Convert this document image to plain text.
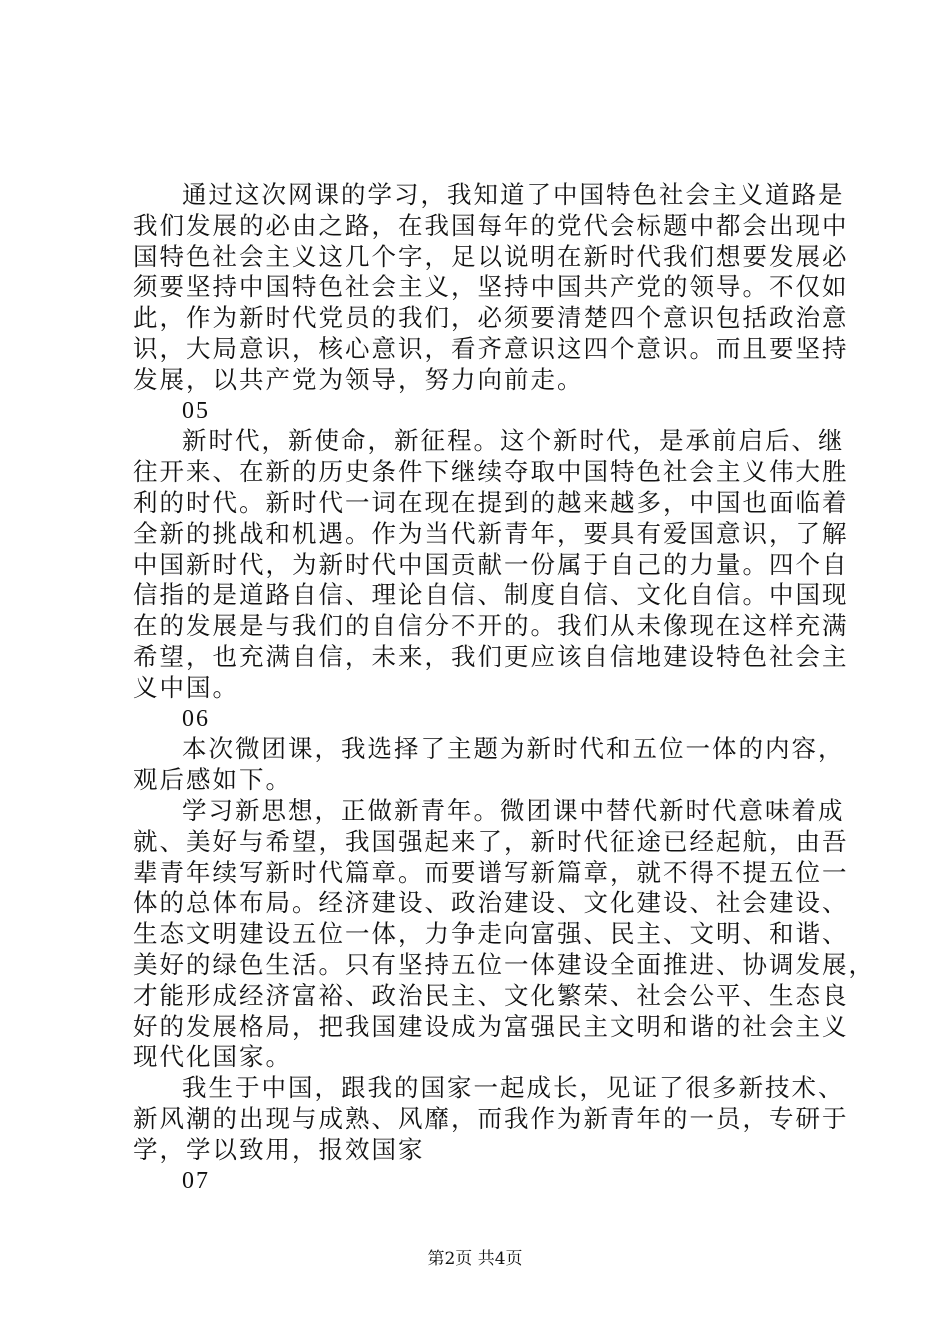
通过这次网课的学习，我知道了中国特色社会主义道路是

我们发展的必由之路，在我国每年的党代会标题中都会出现中

国特色社会主义这几个字，足以说明在新时代我们想要发展必

须要坚持中国特色社会主义，坚持中国共产党的领导。不仅如

此，作为新时代党员的我们，必须要清楚四个意识包括政治意

识，大局意识，核心意识，看齐意识这四个意识。而且要坚持

发展，以共产党为领导，努力向前走。

05

新时代，新使命，新征程。这个新时代，是承前启后、继

往开来、在新的历史条件下继续夺取中国特色社会主义伟大胜

利的时代。新时代一词在现在提到的越来越多，中国也面临着

全新的挑战和机遇。作为当代新青年，要具有爱国意识，了解

中国新时代，为新时代中国贡献一份属于自己的力量。四个自

信指的是道路自信、理论自信、制度自信、文化自信。中国现

在的发展是与我们的自信分不开的。我们从未像现在这样充满

希望，也充满自信，未来，我们更应该自信地建设特色社会主

义中国。

06

本次微团课，我选择了主题为新时代和五位一体的内容，

观后感如下。

学习新思想，正做新青年。微团课中替代新时代意味着成

就、美好与希望，我国强起来了，新时代征途已经起航，由吾

辈青年续写新时代篇章。而要谱写新篇章，就不得不提五位一

体的总体布局。经济建设、政治建设、文化建设、社会建设、

生态文明建设五位一体，力争走向富强、民主、文明、和谐、

美好的绿色生活。只有坚持五位一体建设全面推进、协调发展，

才能形成经济富裕、政治民主、文化繁荣、社会公平、生态良

好的发展格局，把我国建设成为富强民主文明和谐的社会主义

现代化国家。

我生于中国，跟我的国家一起成长，见证了很多新技术、

新风潮的出现与成熟、风靡，而我作为新青年的一员，专研于

学，学以致用，报效国家

07

第2页 共4页
